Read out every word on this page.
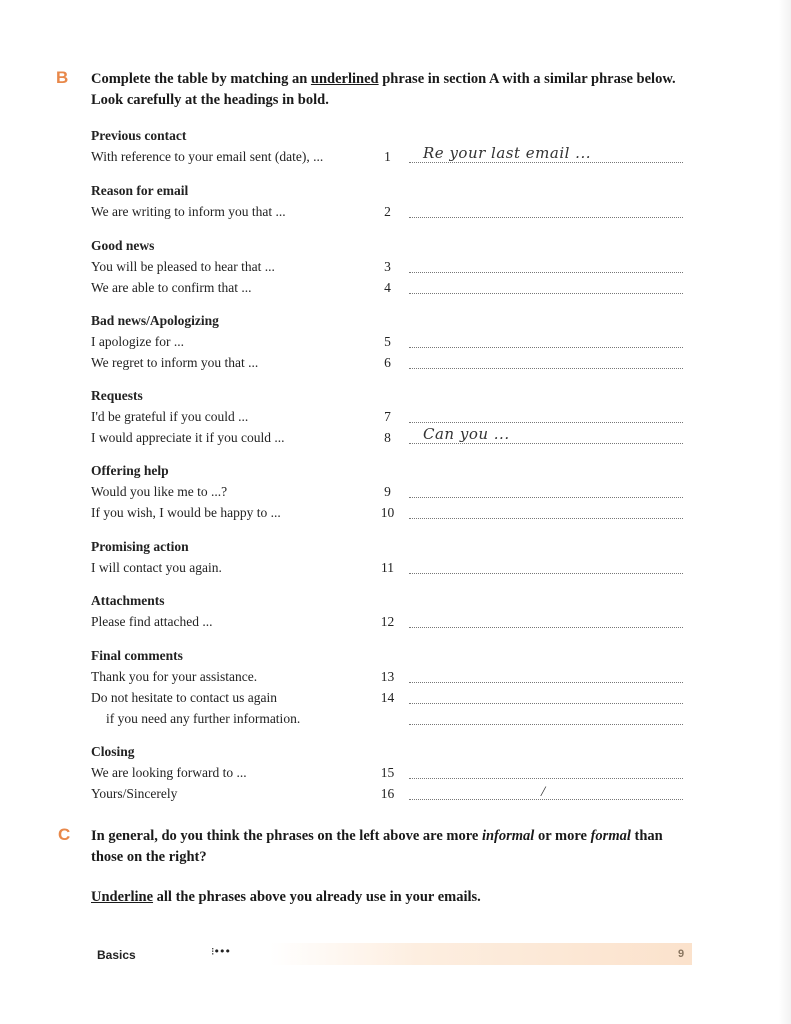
B Complete the table by matching an underlined phrase in section A with a similar phrase below. Look carefully at the headings in bold.
Previous contact
With reference to your email sent (date), ...	1	Re your last email ...
Reason for email
We are writing to inform you that ...	2
Good news
You will be pleased to hear that ...	3
We are able to confirm that ...	4
Bad news/Apologizing
I apologize for ...	5
We regret to inform you that ...	6
Requests
I'd be grateful if you could ...	7
I would appreciate it if you could ...	8	Can you ...
Offering help
Would you like me to ...?	9
If you wish, I would be happy to ...	10
Promising action
I will contact you again.	11
Attachments
Please find attached ...	12
Final comments
Thank you for your assistance.	13
Do not hesitate to contact us again	14
if you need any further information.
Closing
We are looking forward to ...	15
Yours/Sincerely	16	/
C In general, do you think the phrases on the left above are more informal or more formal than those on the right?
Underline all the phrases above you already use in your emails.
Basics	⁝•••	9
